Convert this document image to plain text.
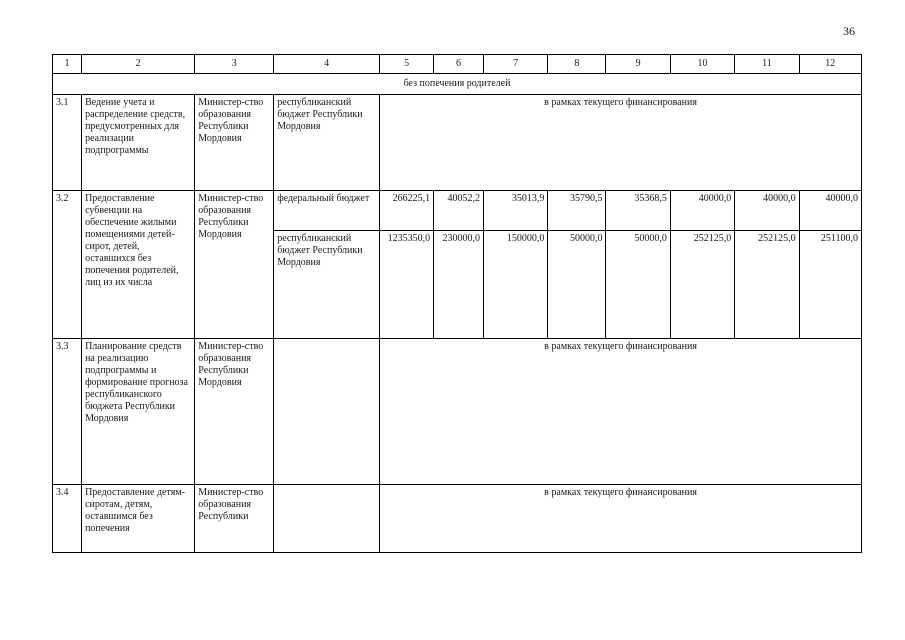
36
1	2	3	4	5	6	7	8	9	10	11	12
без попечения родителей											
3.1	Ведение учета и распределение средств, предусмотренных для реализации подпрограммы	Министер-ство образования Республики Мордовия	республиканский бюджет Республики Мордовия	в рамках текущего финансирования							
3.2	Предоставление субвенции на обеспечение жилыми помещениями детей-сирот, детей, оставшихся без попечения родителей, лиц из их числа	Министер-ство образования Республики Мордовия	федеральный бюджет	266225,1	40052,2	35013,9	35790,5	35368,5	40000,0	40000,0	40000,0
			республиканский бюджет Республики Мордовия	1235350,0	230000,0	150000,0	50000,0	50000,0	252125,0	252125,0	251100,0
3.3	Планирование средств на реализацию подпрограммы и формирование прогноза республиканского бюджета Республики Мордовия	Министер-ство образования Республики Мордовия		в рамках текущего финансирования							
3.4	Предоставление детям-сиротам, детям, оставшимся без попечения	Министер-ство образования Республики		в рамках текущего финансирования							
